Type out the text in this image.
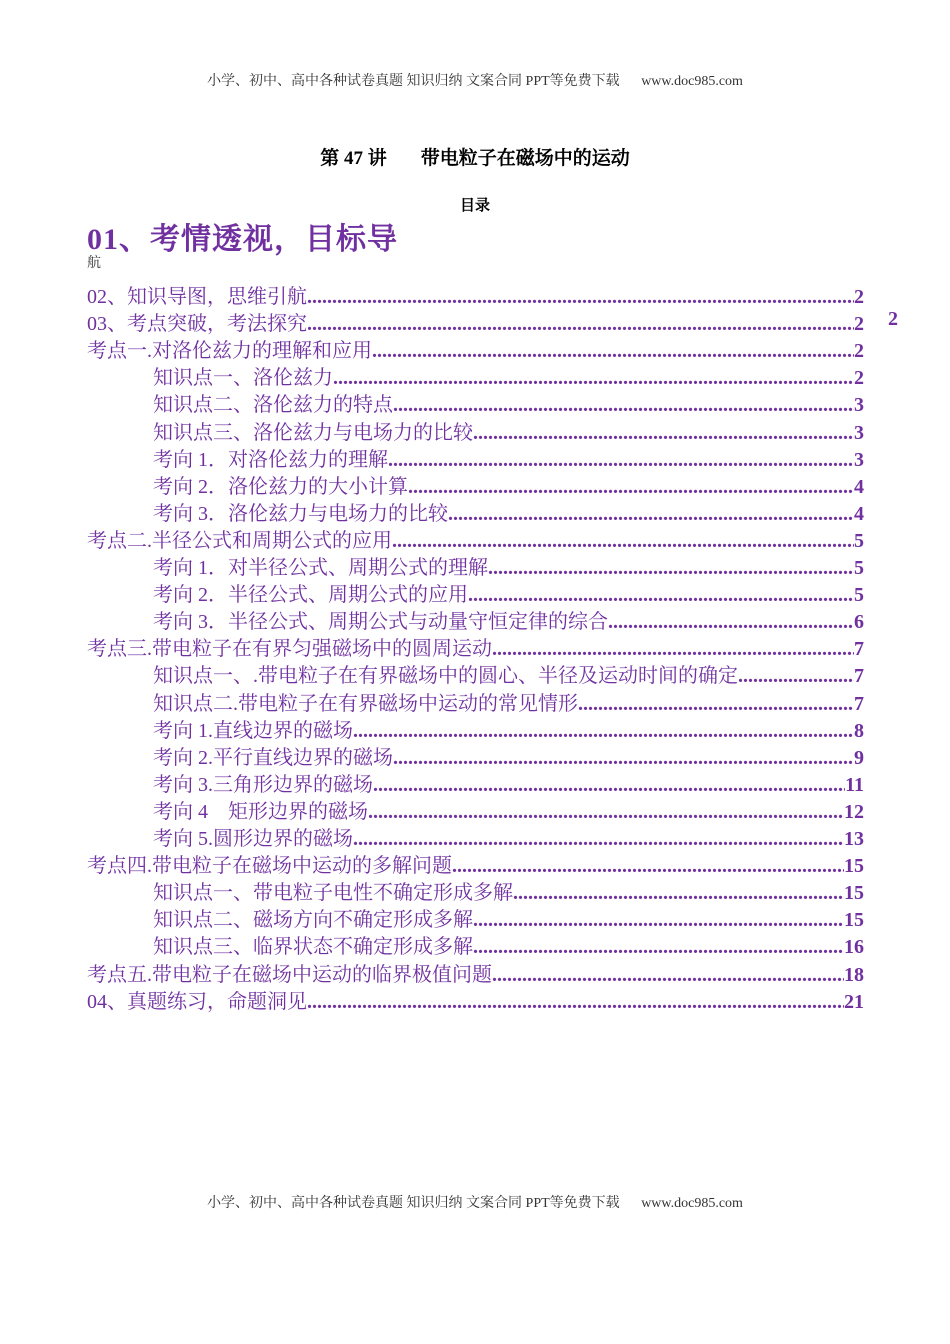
小学、初中、高中各种试卷真题 知识归纳 文案合同 PPT等免费下载 www.doc985.com
第 47 讲 带电粒子在磁场中的运动
目录
01、考情透视，目标导
航
2
02、知识导图，思维引航 .....	2
03、考点突破，考法探究 .....	2
考点一.对洛伦兹力的理解和应用 .....	2
知识点一、洛伦兹力 .....	2
知识点二、洛伦兹力的特点 .....	3
知识点三、洛伦兹力与电场力的比较 .....	3
考向 1．对洛伦兹力的理解 .....	3
考向 2．洛伦兹力的大小计算 .....	4
考向 3．洛伦兹力与电场力的比较 .....	4
考点二.半径公式和周期公式的应用 .....	5
考向 1．对半径公式、周期公式的理解 .....	5
考向 2．半径公式、周期公式的应用 .....	5
考向 3．半径公式、周期公式与动量守恒定律的综合 .....	6
考点三.带电粒子在有界匀强磁场中的圆周运动 .....	7
知识点一、.带电粒子在有界磁场中的圆心、半径及运动时间的确定 .....	7
知识点二.带电粒子在有界磁场中运动的常见情形 .....	7
考向 1.直线边界的磁场 .....	8
考向 2.平行直线边界的磁场 .....	9
考向 3.三角形边界的磁场 .....	11
考向 4　矩形边界的磁场 .....	12
考向 5.圆形边界的磁场 .....	13
考点四.带电粒子在磁场中运动的多解问题 .....	15
知识点一、带电粒子电性不确定形成多解 .....	15
知识点二、磁场方向不确定形成多解 .....	15
知识点三、临界状态不确定形成多解 .....	16
考点五.带电粒子在磁场中运动的临界极值问题 .....	18
04、真题练习，命题洞见 .....	21
小学、初中、高中各种试卷真题 知识归纳 文案合同 PPT等免费下载 www.doc985.com
